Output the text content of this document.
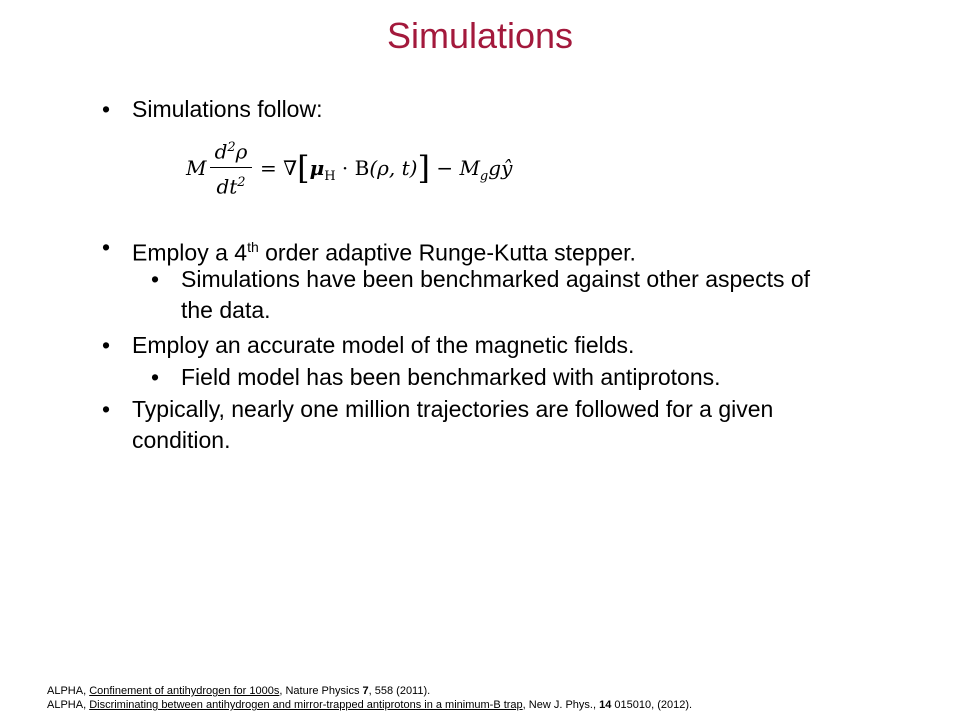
Simulations
• Simulations follow:
M
$d^2\rho$
$dt^2$
= $\nabla[\mu_H \cdot B(\rho$, $t)] - M_ggŷ$
• Employ a 4th order adaptive Runge-Kutta stepper.
• Simulations have been benchmarked against other aspects of
the data.
• Employ an accurate model of the magnetic fields.
• Field model has been benchmarked with antiprotons.
• Typically, nearly one million trajectories are followed for a given
condition.
ALPHA, Confinement of antihydrogen for 1000s, Nature Physics 7, 558 (2011).
ALPHA, Discriminating between antihydrogen and mirror-trapped antiprotons in a minimum-B trap, New J. Phys., 14 015010, (2012).
